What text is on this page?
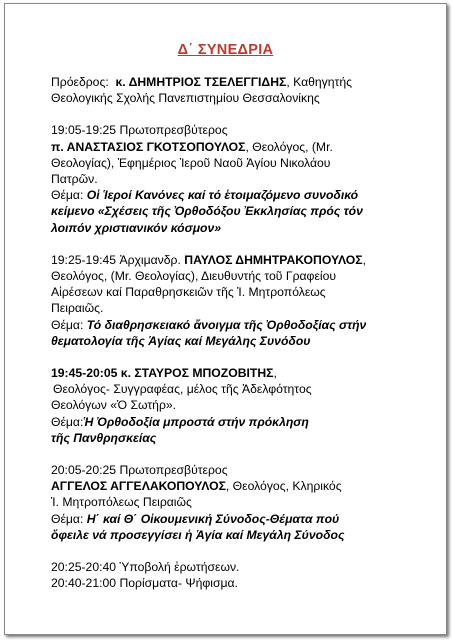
Δ΄ ΣΥΝΕΔΡΙΑ

Πρόεδρος: κ. ΔΗΜΗΤΡΙΟΣ ΤΣΕΛΕΓΓΙΔΗΣ, Καθηγητής

Θεολογικής Σχολής Πανεπιστημίου Θεσσαλονίκης

19:05-19:25 Πρωτοπρεσβύτερος

π. ΑΝΑΣΤΑΣΙΟΣ ΓΚΟΤΣΟΠΟΥΛΟΣ, Θεολόγος, (Mr.

Θεολογίας), Ἐφημέριος Ἱεροῦ Ναοῦ Ἁγίου Νικολάου

Πατρῶν.

Θέμα: Οἱ Ἱεροί Κανόνες καί τό ἑτοιμαζόμενο συνοδικό

κείμενο «Σχέσεις τῆς Ὀρθοδόξου Ἐκκλησίας πρός τόν

λοιπόν χριστιανικόν κόσμον»

19:25-19:45 Ἀρχιμανδρ. ΠΑΥΛΟΣ ΔΗΜΗΤΡΑΚΟΠΟΥΛΟΣ,

Θεολόγος, (Mr. Θεολογίας), Διευθυντής τοῦ Γραφείου

Αἱρέσεων καί Παραθρησκειῶν τῆς Ἱ. Μητροπόλεως

Πειραιῶς.

Θέμα: Τό διαθρησκειακό ἄνοιγμα τῆς Ὀρθοδοξίας στήν

θεματολογία τῆς Ἁγίας καί Μεγάλης Συνόδου

19:45-20:05 κ. ΣΤΑΥΡΟΣ ΜΠΟΖΟΒΙΤΗΣ,

Θεολόγος- Συγγραφέας, μέλος τῆς Ἀδελφότητος

Θεολόγων «Ὁ Σωτήρ».

Θέμα:Ἡ Ὀρθοδοξία μπροστά στήν πρόκληση

τῆς Πανθρησκείας

20:05-20:25 Πρωτοπρεσβύτερος

ΑΓΓΕΛΟΣ ΑΓΓΕΛΑΚΟΠΟΥΛΟΣ, Θεολόγος, Κληρικός

Ἱ. Μητροπόλεως Πειραιῶς

Θέμα: Η΄ καί Θ΄ Οἰκουμενική Σύνοδος-Θέματα πού

ὄφειλε νά προσεγγίσει ἡ Ἁγία καί Μεγάλη Σύνοδος

20:25-20:40 Ὑποβολή ἐρωτήσεων.

20:40-21:00 Πορίσματα- Ψήφισμα.
